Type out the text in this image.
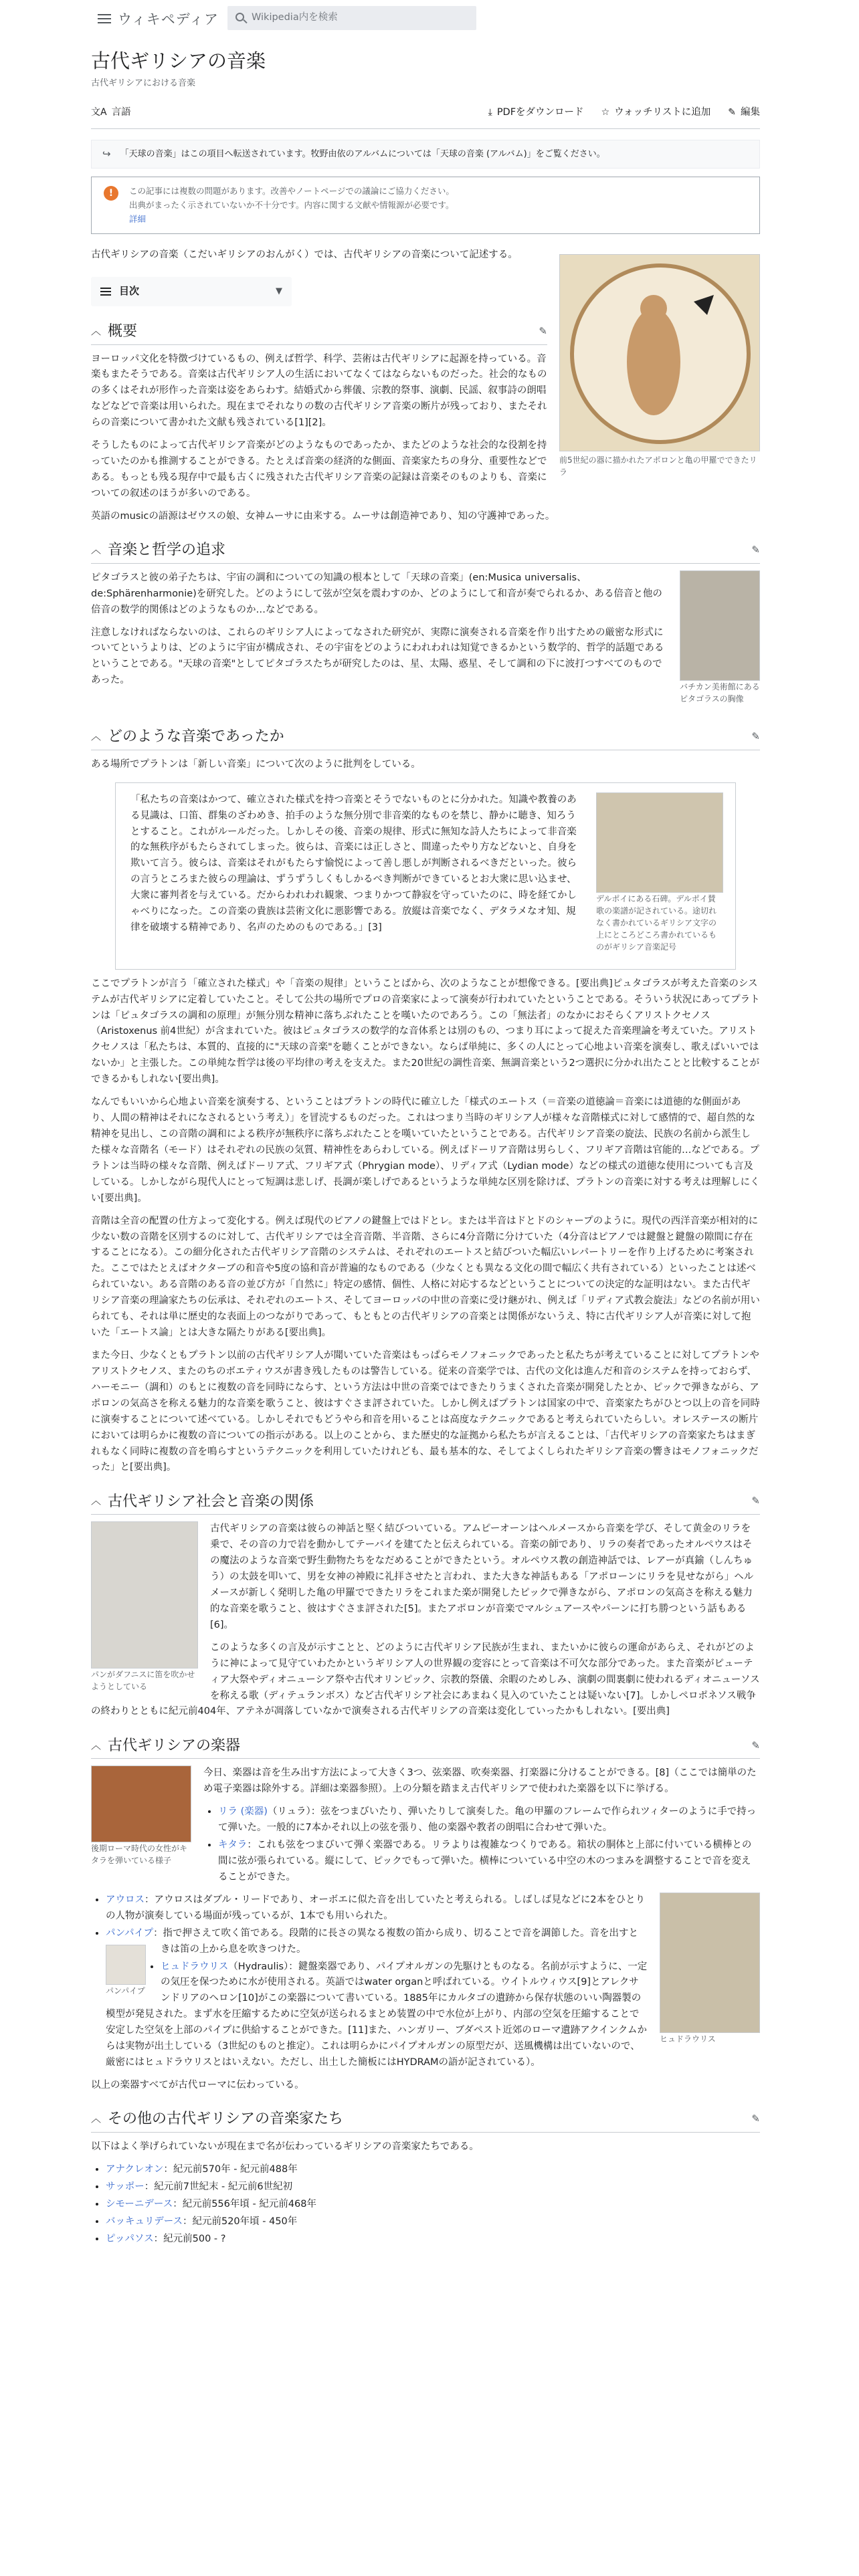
ウィキペディア	Wikipedia内を検索
古代ギリシアの音楽
古代ギリシアにおける音楽
文A 言語	⤓ PDFをダウンロード ☆ ウォッチリストに追加 ✎ 編集
↪ 「天球の音楽」はこの項目へ転送されています。牧野由依のアルバムについては「天球の音楽 (アルバム)」をご覧ください。
!	この記事には複数の問題があります。改善やノートページでの議論にご協力ください。
出典がまったく示されていないか不十分です。内容に関する文献や情報源が必要です。
詳細
前5世紀の器に描かれたアポロンと亀の甲羅でできたリラ

古代ギリシアの音楽（こだいギリシアのおんがく）では、古代ギリシアの音楽について記述する。

目次	▼
︿ 概要	✎

ヨーロッパ文化を特徴づけているもの、例えば哲学、科学、芸術は古代ギリシアに起源を持っている。音楽もまたそうである。音楽は古代ギリシア人の生活においてなくてはならないものだった。社会的なものの多くはそれが形作った音楽は姿をあらわす。結婚式から葬儀、宗教的祭事、演劇、民謡、叙事詩の朗唱などなどで音楽は用いられた。現在までそれなりの数の古代ギリシア音楽の断片が残っており、またそれらの音楽について書かれた文献も残されている[1][2]。

そうしたものによって古代ギリシア音楽がどのようなものであったか、またどのような社会的な役割を持っていたのかも推測することができる。たとえば音楽の経済的な側面、音楽家たちの身分、重要性などである。もっとも残る現存中で最も古くに残された古代ギリシア音楽の記録は音楽そのものよりも、音楽についての叙述のほうが多いのである。

英語のmusicの語源はゼウスの娘、女神ムーサに由来する。ムーサは創造神であり、知の守護神であった。

︿ 音楽と哲学の追求	✎
バチカン美術館にあるピタゴラスの胸像

ピタゴラスと彼の弟子たちは、宇宙の調和についての知識の根本として「天球の音楽」(en:Musica universalis、de:Sphärenharmonie)を研究した。どのようにして弦が空気を震わすのか、どのようにして和音が奏でられるか、ある倍音と他の倍音の数学的関係はどのようなものか…などである。

注意しなければならないのは、これらのギリシア人によってなされた研究が、実際に演奏される音楽を作り出すための厳密な形式についてというよりは、どのように宇宙が構成され、その宇宙をどのようにわれわれは知覚できるかという数学的、哲学的話題であるということである。"天球の音楽"としてピタゴラスたちが研究したのは、星、太陽、惑星、そして調和の下に波打つすべてのものであった。

︿ どのような音楽であったか	✎

ある場所でプラトンは「新しい音楽」について次のように批判をしている。

デルポイにある石碑。デルポイ賛歌の楽譜が記されている。途切れなく書かれているギリシア文字の上にところどころ書かれているものがギリシア音楽記号
「私たちの音楽はかつて、確立された様式を持つ音楽とそうでないものとに分かれた。知識や教養のある見識は、口笛、群集のざわめき、拍手のような無分別で非音楽的なものを禁じ、静かに聴き、知ろうとすること。これがルールだった。しかしその後、音楽の規律、形式に無知な詩人たちによって非音楽的な無秩序がもたらされてしまった。彼らは、音楽には正しさと、間違ったやり方などないと、自身を欺いて言う。彼らは、音楽はそれがもたらす愉悦によって善し悪しが判断されるべきだといった。彼らの言うところまた彼らの理論は、ずうずうしくもしかるべき判断ができているとお大衆に思い込ませ、大衆に審判者を与えている。だからわれわれ観衆、つまりかつて静寂を守っていたのに、時を経てかしゃべりになった。この音楽の貴族は芸術文化に悪影響である。放縦は音楽でなく、デタラメなオ知、規律を破壊する精神であり、名声のためのものである。」[3]

ここでプラトンが言う「確立された様式」や「音楽の規律」ということばから、次のようなことが想像できる。[要出典]ピュタゴラスが考えた音楽のシステムが古代ギリシアに定着していたこと。そして公共の場所でプロの音楽家によって演奏が行われていたということである。そういう状況にあってプラトンは「ピュタゴラスの調和の原理」が無分別な精神に落ちぶれたことを嘆いたのであろう。この「無法者」のなかにおそらくアリストクセノス（Aristoxenus 前4世紀）が含まれていた。彼はピュタゴラスの数学的な音体系とは別のもの、つまり耳によって捉えた音楽理論を考えていた。アリストクセノスは「私たちは、本質的、直接的に"天球の音楽"を聴くことができない。ならば単純に、多くの人にとって心地よい音楽を演奏し、歌えばいいではないか」と主張した。この単純な哲学は後の平均律の考えを支えた。また20世紀の調性音楽、無調音楽という2つ選択に分かれ出たことと比較することができるかもしれない[要出典]。

なんでもいいから心地よい音楽を演奏する、ということはプラトンの時代に確立した「様式のエートス（＝音楽の道徳論＝音楽には道徳的な側面があり、人間の精神はそれになされるという考え）」を冒涜するものだった。これはつまり当時のギリシア人が様々な音階様式に対して感情的で、超自然的な精神を見出し、この音階の調和による秩序が無秩序に落ちぶれたことを嘆いていたということである。古代ギリシア音楽の旋法、民族の名前から派生した様々な音階名（モード）はそれぞれの民族の気質、精神性をあらわしている。例えばドーリア音階は男らしく、フリギア音階は官能的…などである。プラトンは当時の様々な音階、例えばドーリア式、フリギア式（Phrygian mode）、リディア式（Lydian mode）などの様式の道徳な使用についても言及している。しかしながら現代人にとって短調は悲しげ、長調が楽しげであるというような単純な区別を除けば、プラトンの音楽に対する考えは理解しにくい[要出典]。

音階は全音の配置の仕方よって変化する。例えば現代のピアノの鍵盤上ではドとレ。または半音はドとドのシャープのように。現代の西洋音楽が相対的に少ない数の音階を区別するのに対して、古代ギリシアでは全音音階、半音階、さらに4分音階に分けていた（4分音はピアノでは鍵盤と鍵盤の隙間に存在することになる）。この細分化された古代ギリシア音階のシステムは、それぞれのエートスと結びついた幅広いレパートリーを作り上げるために考案された。ここではたとえばオクターブの和音や5度の協和音が普遍的なものである（少なくとも異なる文化の間で幅広く共有されている）といったことは述べられていない。ある音階のある音の並び方が「自然に」特定の感情、個性、人格に対応するなどということについての決定的な証明はない。また古代ギリシア音楽の理論家たちの伝承は、それぞれのエートス、そしてヨーロッパの中世の音楽に受け継がれ、例えば「リディア式教会旋法」などの名前が用いられても、それは単に歴史的な表面上のつながりであって、もともとの古代ギリシアの音楽とは関係がないうえ、特に古代ギリシア人が音楽に対して抱いた「エートス論」とは大きな隔たりがある[要出典]。

また今日、少なくともプラトン以前の古代ギリシア人が聞いていた音楽はもっぱらモノフォニックであったと私たちが考えていることに対してプラトンやアリストクセノス、またのちのボエティウスが書き残したものは警告している。従来の音楽学では、古代の文化は進んだ和音のシステムを持っておらず、ハーモニー（調和）のもとに複数の音を同時にならす、という方法は中世の音楽ではできたりうまくされた音楽が開発したとか、ピックで弾きながら、アポロンの気高さを称える魅力的な音楽を歌うこと、彼はすぐさま評されていた。しかし例えばプラトンは国家の中で、音楽家たちがひとつ以上の音を同時に演奏することについて述べている。しかしそれでもどうやら和音を用いることは高度なテクニックであると考えられていたらしい。オレステースの断片においては明らかに複数の音についての指示がある。以上のことから、また歴史的な証拠から私たちが言えることは、「古代ギリシアの音楽家たちはまぎれもなく同時に複数の音を鳴らすというテクニックを利用していたけれども、最も基本的な、そしてよくしられたギリシア音楽の響きはモノフォニックだった」と[要出典]。

︿ 古代ギリシア社会と音楽の関係	✎
パンがダフニスに笛を吹かせようとしている

古代ギリシアの音楽は彼らの神話と堅く結びついている。アムピーオーンはヘルメースから音楽を学び、そして黄金のリラを乗で、その音の力で岩を動かしてテーバイを建てたと伝えられている。音楽の師であり、リラの奏者であったオルペウスはその魔法のような音楽で野生動物たちをなだめることができたという。オルペウス教の創造神話では、レアーが真鍮（しんちゅう）の太鼓を叩いて、男を女神の神殿に礼拝させたと言われ、また大きな神話もある「アポローンにリラを見せながら」ヘルメースが新しく発明した亀の甲羅でできたリラをこれまた楽が開発したピックで弾きながら、アポロンの気高さを称える魅力的な音楽を歌うこと、彼はすぐさま評された[5]。またアポロンが音楽でマルシュアースやパーンに打ち勝つという話もある[6]。

このような多くの言及が示すことと、どのように古代ギリシア民族が生まれ、またいかに彼らの運命があらえ、それがどのように神によって見守ていわたかというギリシア人の世界観の変容にとって音楽は不可欠な部分であった。また音楽がピューティア大祭やディオニューシア祭や古代オリンピック、宗教的祭儀、余暇のためしみ、演劇の間裏劇に使われるディオニューソスを称える歌（ディテュランボス）など古代ギリシア社会にあまねく見入のていたことは疑いない[7]。しかしペロポネソス戦争の終わりとともに紀元前404年、アテネが凋落していなかで演奏される古代ギリシアの音楽は変化していったかもしれない。[要出典]

︿ 古代ギリシアの楽器	✎
後期ローマ時代の女性がキタラを弾いている様子

今日、楽器は音を生み出す方法によって大きく3つ、弦楽器、吹奏楽器、打楽器に分けることができる。[8]（ここでは簡単のため電子楽器は除外する。詳細は楽器参照）。上の分類を踏まえ古代ギリシアで使われた楽器を以下に挙げる。

• リラ (楽器)（リュラ）：弦をつまびいたり、弾いたりして演奏した。亀の甲羅のフレームで作られツィターのように手で持って弾いた。一般的に7本かそれ以上の弦を張り、他の楽器や教者の朗唱に合わせて弾いた。
• キタラ：これも弦をつまびいて弾く楽器である。リラよりは複雑なつくりである。箱状の胴体と上部に付いている横棒との間に弦が張られている。縦にして、ピックでもって弾いた。横棒についている中空の木のつまみを調整することで音を変えることができた。
ヒュドラウリス
• アウロス：アウロスはダブル・リードであり、オーボエに似た音を出していたと考えられる。しばしば見などに2本をひとりの人物が演奏している場面が残っているが、1本でも用いられた。
• パンパイプ：指で押さえて吹く笛である。段階的に長さの異なる複数の笛から成り、切ることで音を調節した。音を出すときは笛の上から息を吹きつけた。
パンパイプ
• ヒュドラウリス（Hydraulis）：鍵盤楽器であり、パイプオルガンの先駆けとものなる。名前が示すように、一定の気圧を保つために水が使用される。英語ではwater organと呼ばれている。ウイトルウィウス[9]とアレクサンドリアのヘロン[10]がこの楽器について書いている。1885年にカルタゴの遺跡から保存状態のいい陶器製の模型が発見された。まず水を圧縮するために空気が送られるまとめ装置の中で水位が上がり、内部の空気を圧縮することで安定した空気を上部のパイプに供給することができた。[11]また、ハンガリー、ブダペスト近郊のローマ遺跡アクインクムからは実物が出土している（3世紀のものと推定）。これは明らかにパイプオルガンの原型だが、送風機構は出ていないので、厳密にはヒュドラウリスとはいえない。ただし、出土した簡板にはHYDRAMの語が記されている）。

以上の楽器すべてが古代ローマに伝わっている。

︿ その他の古代ギリシアの音楽家たち	✎

以下はよく挙げられていないが現在まで名が伝わっているギリシアの音楽家たちである。

• アナクレオン：紀元前570年 - 紀元前488年
• サッポー：紀元前7世紀末 - 紀元前6世紀初
• シモーニデース：紀元前556年頃 - 紀元前468年
• バッキュリデース：紀元前520年頃 - 450年
• ピッパソス：紀元前500 - ?
